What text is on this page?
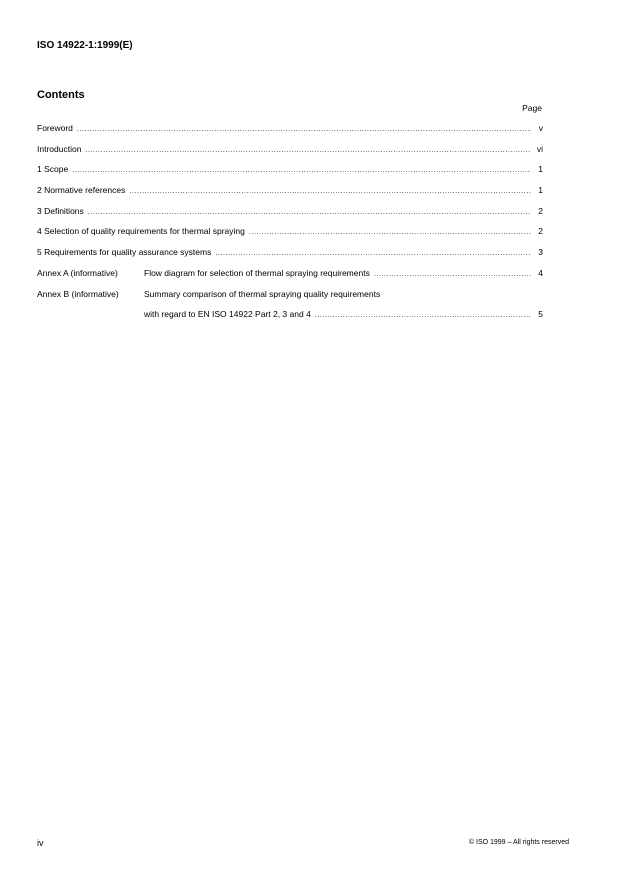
ISO 14922-1:1999(E)
Contents
Page
Foreword .....	v
Introduction .....	vi
1 Scope .....	1
2 Normative references .....	1
3 Definitions .....	2
4 Selection of quality requirements for thermal spraying .....	2
5 Requirements for quality assurance systems .....	3
Annex A (informative)	Flow diagram for selection of thermal spraying requirements .....	4
Annex B (informative)	Summary comparison of thermal spraying quality requirements
with regard to EN ISO 14922 Part 2, 3 and 4 .....	5
iv	© ISO 1999 – All rights reserved
